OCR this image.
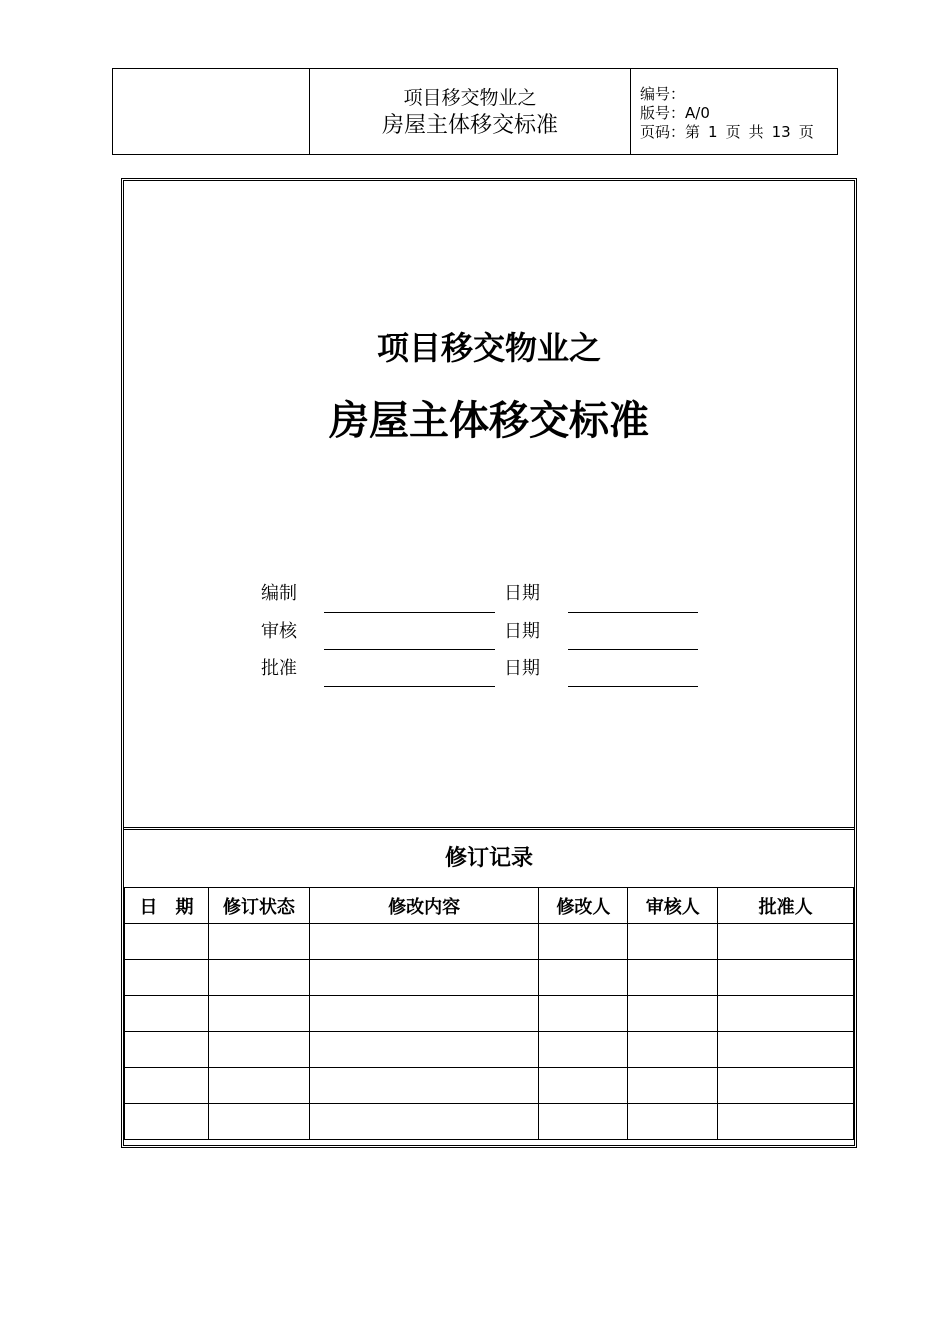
项目移交物业之
房屋主体移交标准
编号：
版号：A/0
页码：第 1 页 共 13 页
项目移交物业之
房屋主体移交标准
编制	日期
审核	日期
批准	日期
修订记录
日　期	修订状态	修改内容	修改人	审核人	批准人
